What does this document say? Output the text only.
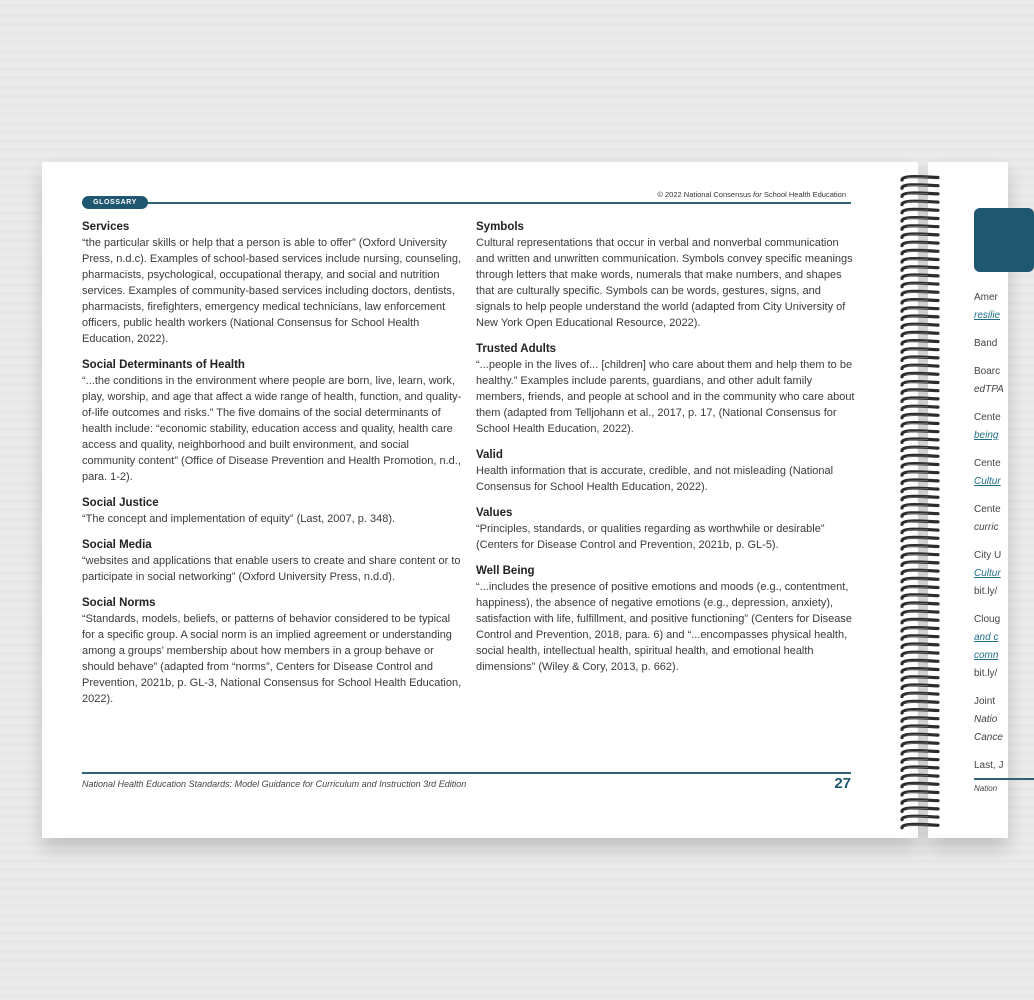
GLOSSARY
© 2022 National Consensus for School Health Education
Services
“the particular skills or help that a person is able to offer” (Oxford University Press, n.d.c). Examples of school-based services include nursing, counseling, pharmacists, psychological, occupational therapy, and social and nutrition services. Examples of community-based services including doctors, dentists, pharmacists, firefighters, emergency medical technicians, law enforcement officers, public health workers (National Consensus for School Health Education, 2022).
Social Determinants of Health
“...the conditions in the environment where people are born, live, learn, work, play, worship, and age that affect a wide range of health, function, and quality-of-life outcomes and risks.” The five domains of the social determinants of health include: “economic stability, education access and quality, health care access and quality, neighborhood and built environment, and social community content” (Office of Disease Prevention and Health Promotion, n.d., para. 1-2).
Social Justice
“The concept and implementation of equity” (Last, 2007, p. 348).
Social Media
“websites and applications that enable users to create and share content or to participate in social networking” (Oxford University Press, n.d.d).
Social Norms
“Standards, models, beliefs, or patterns of behavior considered to be typical for a specific group. A social norm is an implied agreement or understanding among a groups’ membership about how members in a group behave or should behave” (adapted from “norms”, Centers for Disease Control and Prevention, 2021b, p. GL-3, National Consensus for School Health Education, 2022).
Symbols
Cultural representations that occur in verbal and nonverbal communication and written and unwritten communication. Symbols convey specific meanings through letters that make words, numerals that make numbers, and shapes that are culturally specific. Symbols can be words, gestures, signs, and signals to help people understand the world (adapted from City University of New York Open Educational Resource, 2022).
Trusted Adults
“...people in the lives of... [children] who care about them and help them to be healthy.” Examples include parents, guardians, and other adult family members, friends, and people at school and in the community who care about them (adapted from Telljohann et al., 2017, p. 17, (National Consensus for School Health Education, 2022).
Valid
Health information that is accurate, credible, and not misleading (National Consensus for School Health Education, 2022).
Values
“Principles, standards, or qualities regarding as worthwhile or desirable” (Centers for Disease Control and Prevention, 2021b, p. GL-5).
Well Being
“...includes the presence of positive emotions and moods (e.g., contentment, happiness), the absence of negative emotions (e.g., depression, anxiety), satisfaction with life, fulfillment, and positive functioning” (Centers for Disease Control and Prevention, 2018, para. 6) and “...encompasses physical health, social health, intellectual health, spiritual health, and emotional health dimensions” (Wiley & Cory, 2013, p. 662).
National Health Education Standards: Model Guidance for Curriculum and Instruction 3rd Edition	27
Amer
resilie
Band
Boarc
edTPA
Cente
being
Cente
Cultur
Cente
curric
City U
Cultur
bit.ly/
Cloug
and c
comn
bit.ly/
Joint
Natio
Cance
Last, J
Nation
